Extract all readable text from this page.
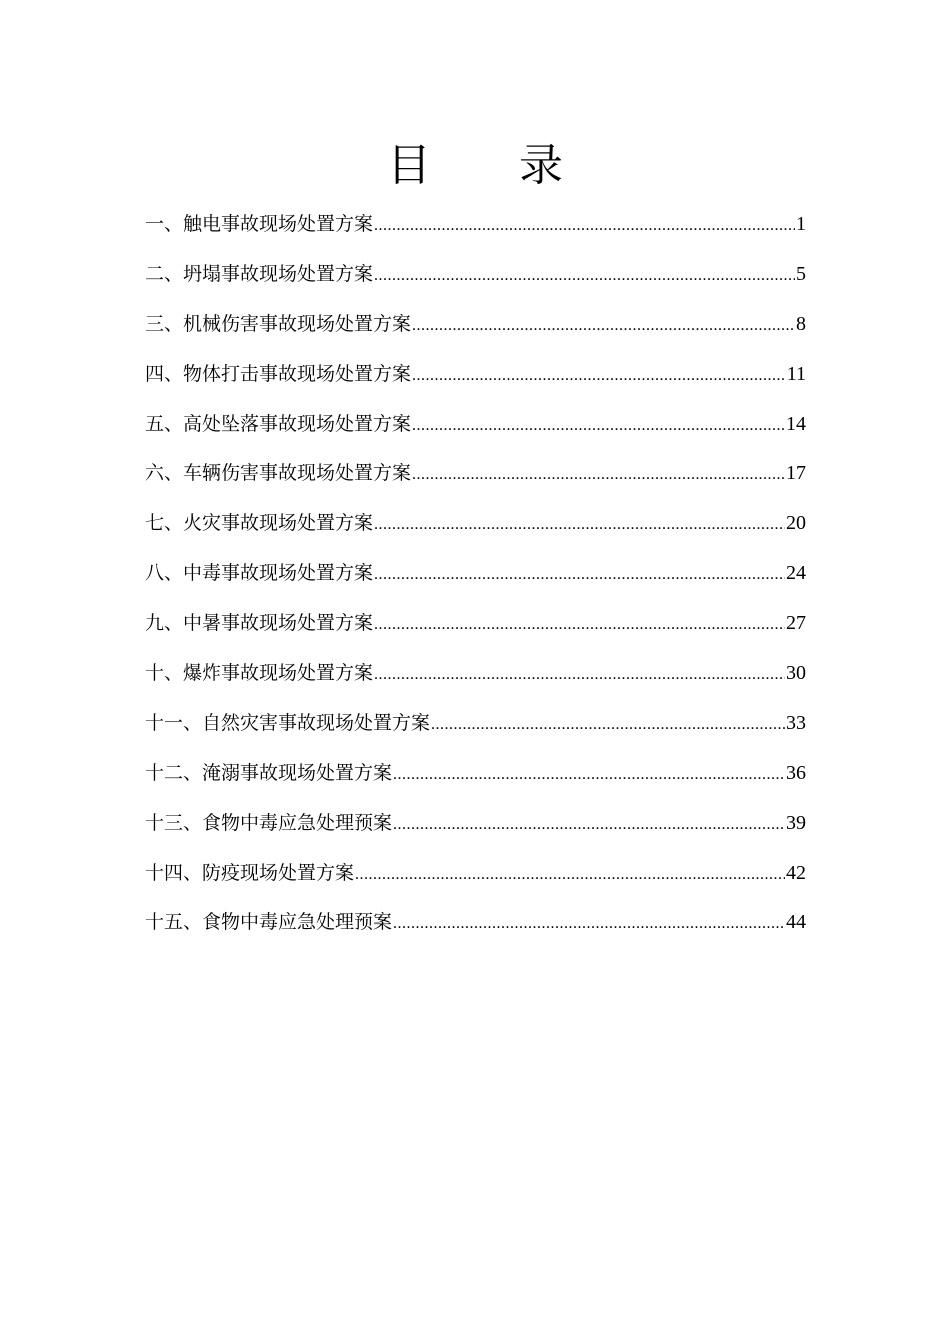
目 录
一、触电事故现场处置方案 .....	1
二、坍塌事故现场处置方案 .....	5
三、机械伤害事故现场处置方案 .....	8
四、物体打击事故现场处置方案 .....	11
五、高处坠落事故现场处置方案 .....	14
六、车辆伤害事故现场处置方案 .....	17
七、火灾事故现场处置方案 .....	20
八、中毒事故现场处置方案 .....	24
九、中暑事故现场处置方案 .....	27
十、爆炸事故现场处置方案 .....	30
十一、自然灾害事故现场处置方案 .....	33
十二、淹溺事故现场处置方案 .....	36
十三、食物中毒应急处理预案 .....	39
十四、防疫现场处置方案 .....	42
十五、食物中毒应急处理预案 .....	44
